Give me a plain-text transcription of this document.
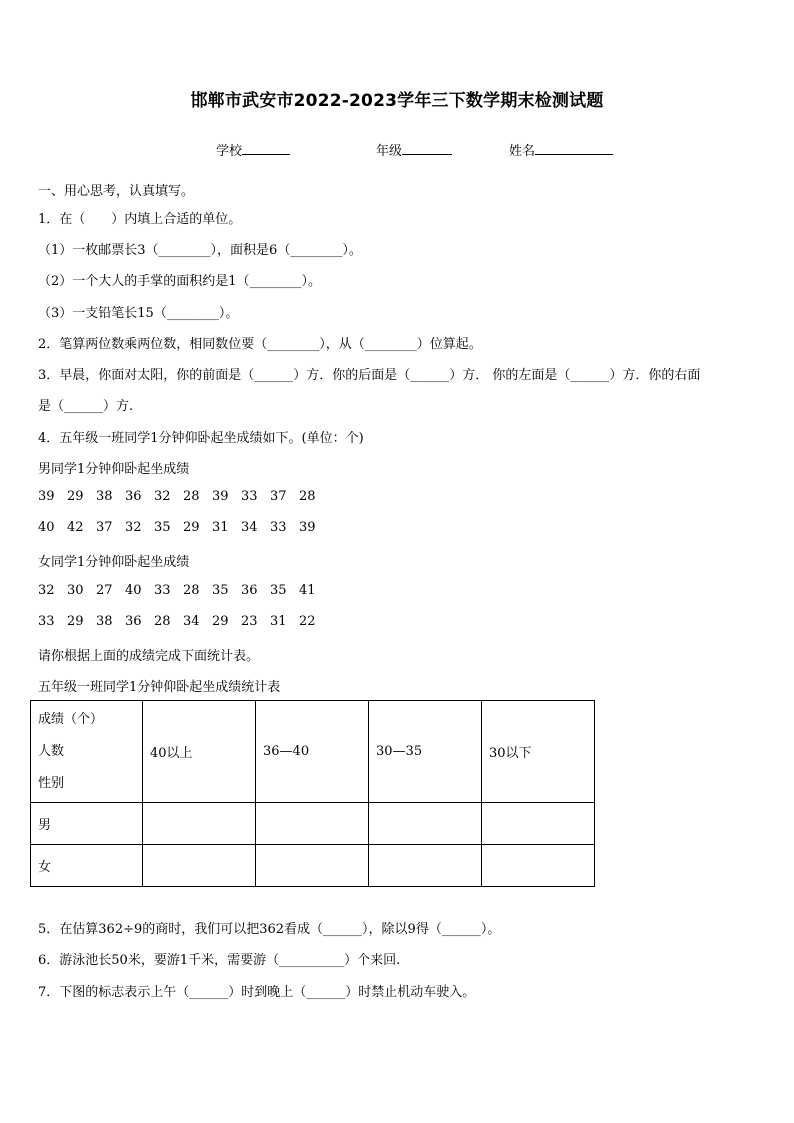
邯郸市武安市2022-2023学年三下数学期末检测试题
学校	年级	姓名
一、用心思考，认真填写。
1．在（　　）内填上合适的单位。
（1）一枚邮票长3（________），面积是6（________）。
（2）一个大人的手掌的面积约是1（________）。
（3）一支铅笔长15（________）。
2．笔算两位数乘两位数，相同数位要（________），从（________）位算起。
3．早晨，你面对太阳，你的前面是（______）方．你的后面是（______）方． 你的左面是（______）方．你的右面
是（______）方.
4．五年级一班同学1分钟仰卧起坐成绩如下。(单位：个)
男同学1分钟仰卧起坐成绩
39 29 38 36 32 28 39 33 37 28
40 42 37 32 35 29 31 34 33 39
女同学1分钟仰卧起坐成绩
32 30 27 40 33 28 35 36 35 41
33 29 38 36 28 34 29 23 31 22
请你根据上面的成绩完成下面统计表。
五年级一班同学1分钟仰卧起坐成绩统计表
成绩（个）
人数
性别	40以上	36—40	30—35	30以下
男				
女				
5．在估算362÷9的商时，我们可以把362看成（______），除以9得（______）。
6．游泳池长50米，要游1千米，需要游（__________）个来回.
7．下图的标志表示上午（______）时到晚上（______）时禁止机动车驶入。
